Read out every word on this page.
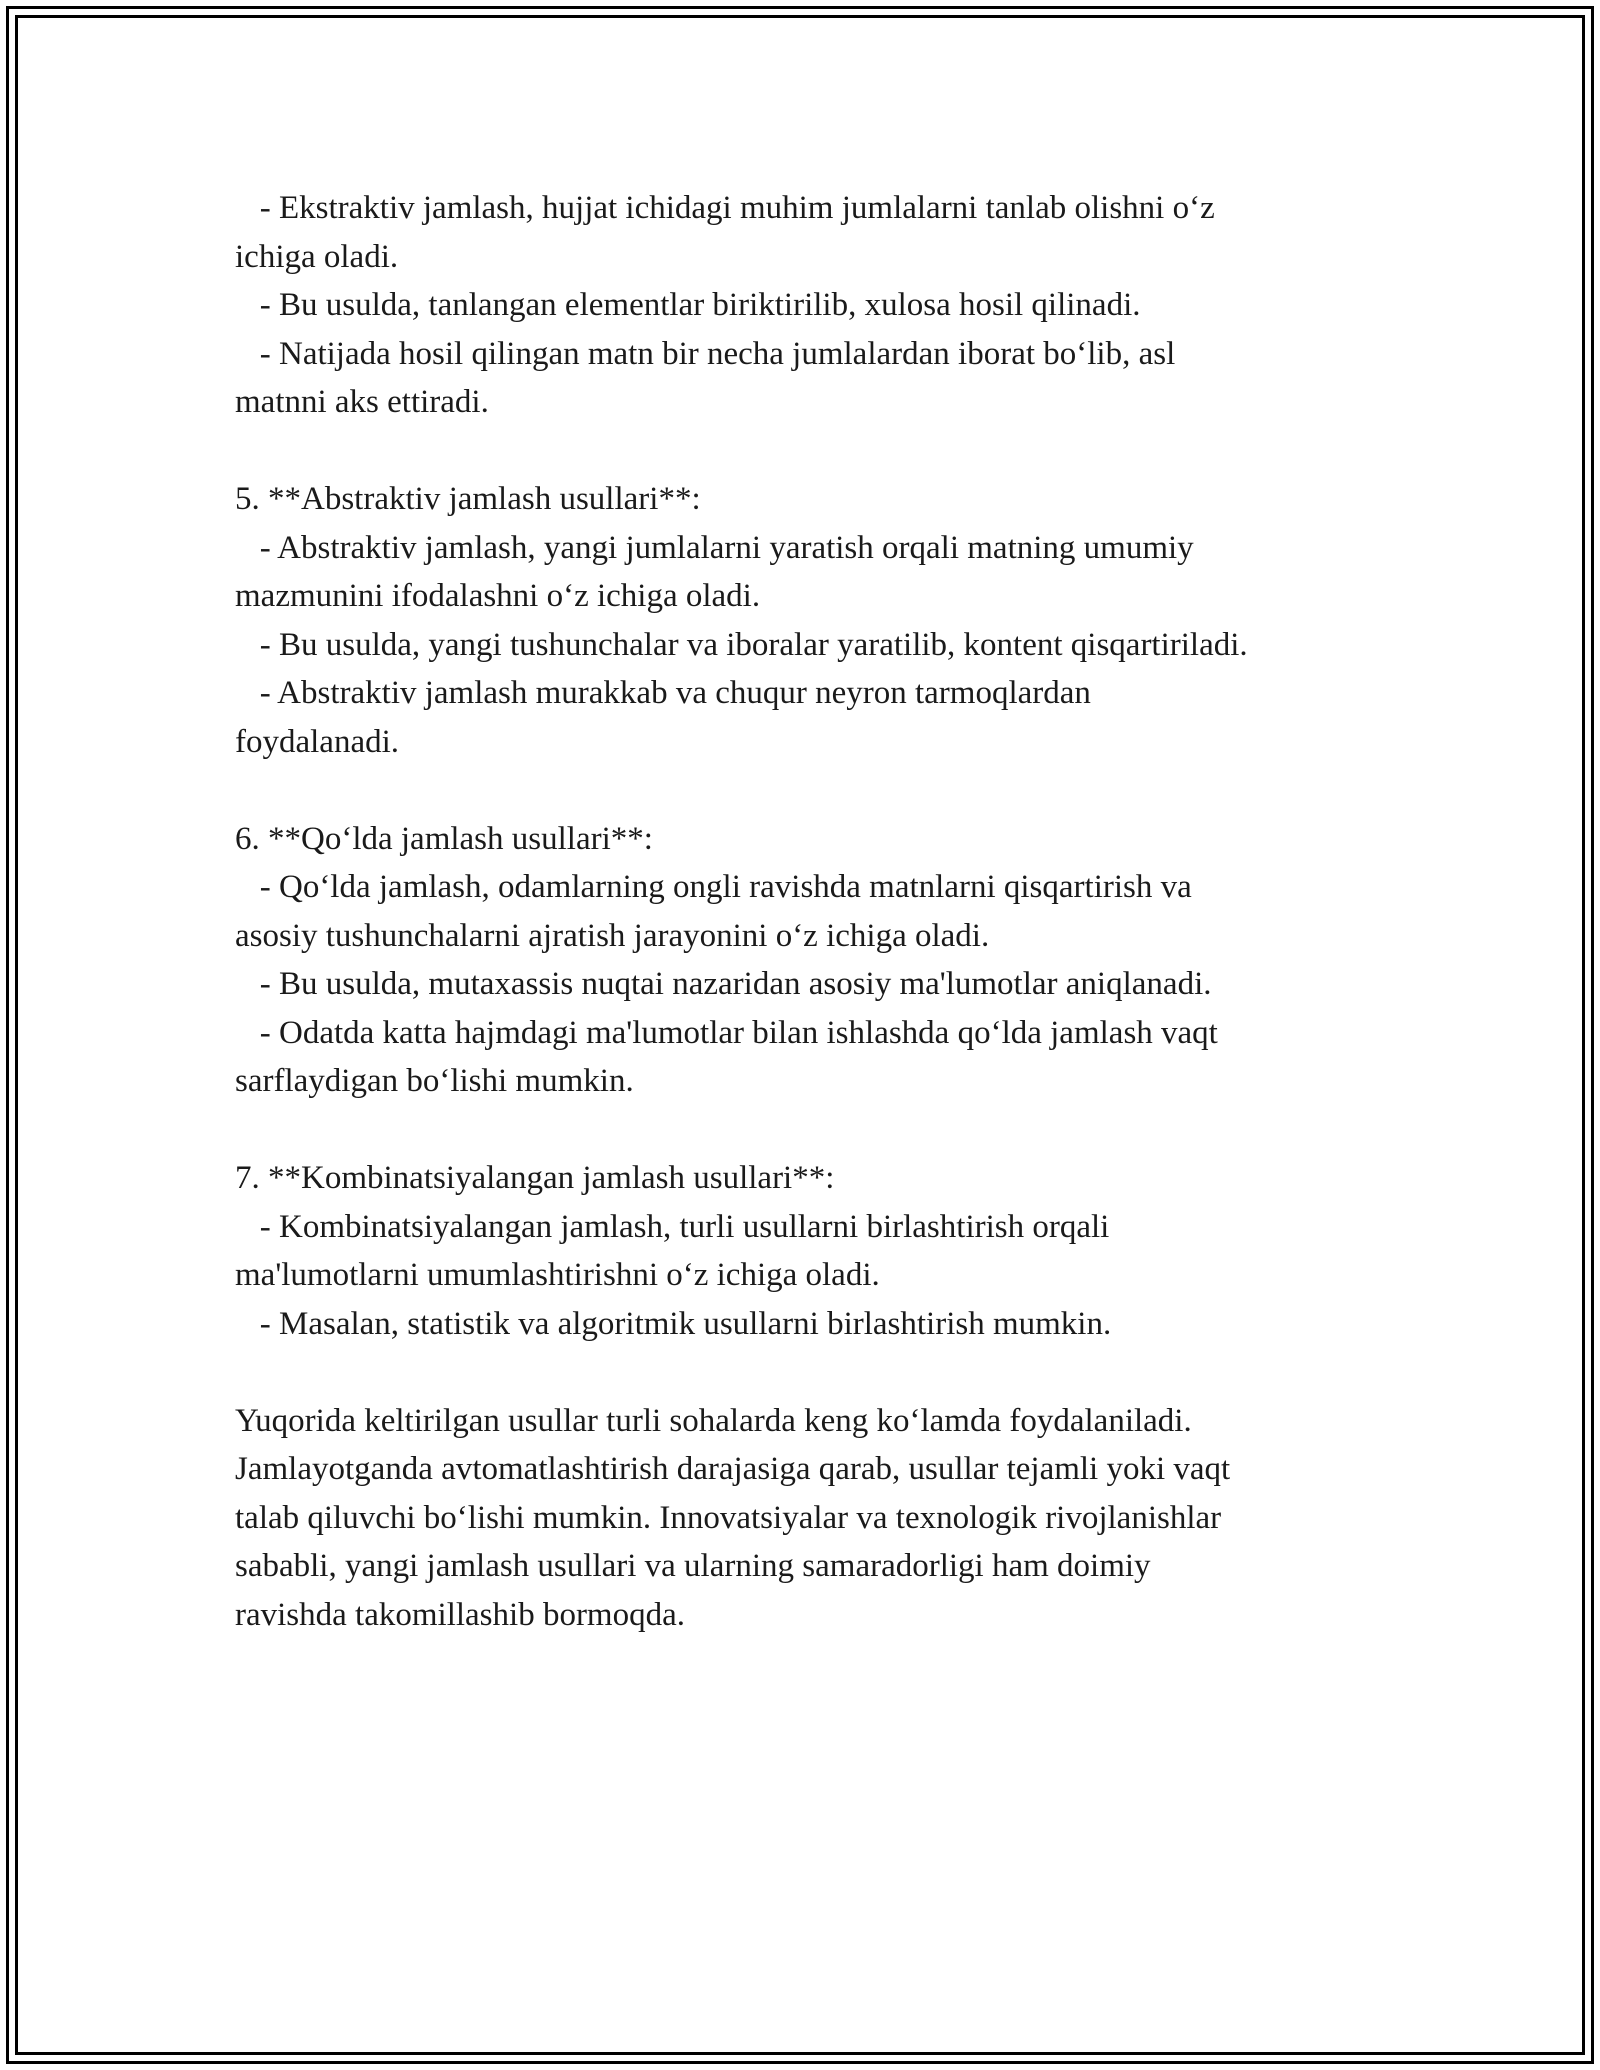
- Ekstraktiv jamlash, hujjat ichidagi muhim jumlalarni tanlab olishni o‘z
ichiga oladi.
- Bu usulda, tanlangan elementlar biriktirilib, xulosa hosil qilinadi.
- Natijada hosil qilingan matn bir necha jumlalardan iborat bo‘lib, asl
matnni aks ettiradi.
5. **Abstraktiv jamlash usullari**:
- Abstraktiv jamlash, yangi jumlalarni yaratish orqali matning umumiy
mazmunini ifodalashni o‘z ichiga oladi.
- Bu usulda, yangi tushunchalar va iboralar yaratilib, kontent qisqartiriladi.
- Abstraktiv jamlash murakkab va chuqur neyron tarmoqlardan
foydalanadi.
6. **Qo‘lda jamlash usullari**:
- Qo‘lda jamlash, odamlarning ongli ravishda matnlarni qisqartirish va
asosiy tushunchalarni ajratish jarayonini o‘z ichiga oladi.
- Bu usulda, mutaxassis nuqtai nazaridan asosiy ma'lumotlar aniqlanadi.
- Odatda katta hajmdagi ma'lumotlar bilan ishlashda qo‘lda jamlash vaqt
sarflaydigan bo‘lishi mumkin.
7. **Kombinatsiyalangan jamlash usullari**:
- Kombinatsiyalangan jamlash, turli usullarni birlashtirish orqali
ma'lumotlarni umumlashtirishni o‘z ichiga oladi.
- Masalan, statistik va algoritmik usullarni birlashtirish mumkin.
Yuqorida keltirilgan usullar turli sohalarda keng ko‘lamda foydalaniladi.
Jamlayotganda avtomatlashtirish darajasiga qarab, usullar tejamli yoki vaqt
talab qiluvchi bo‘lishi mumkin. Innovatsiyalar va texnologik rivojlanishlar
sababli, yangi jamlash usullari va ularning samaradorligi ham doimiy
ravishda takomillashib bormoqda.
